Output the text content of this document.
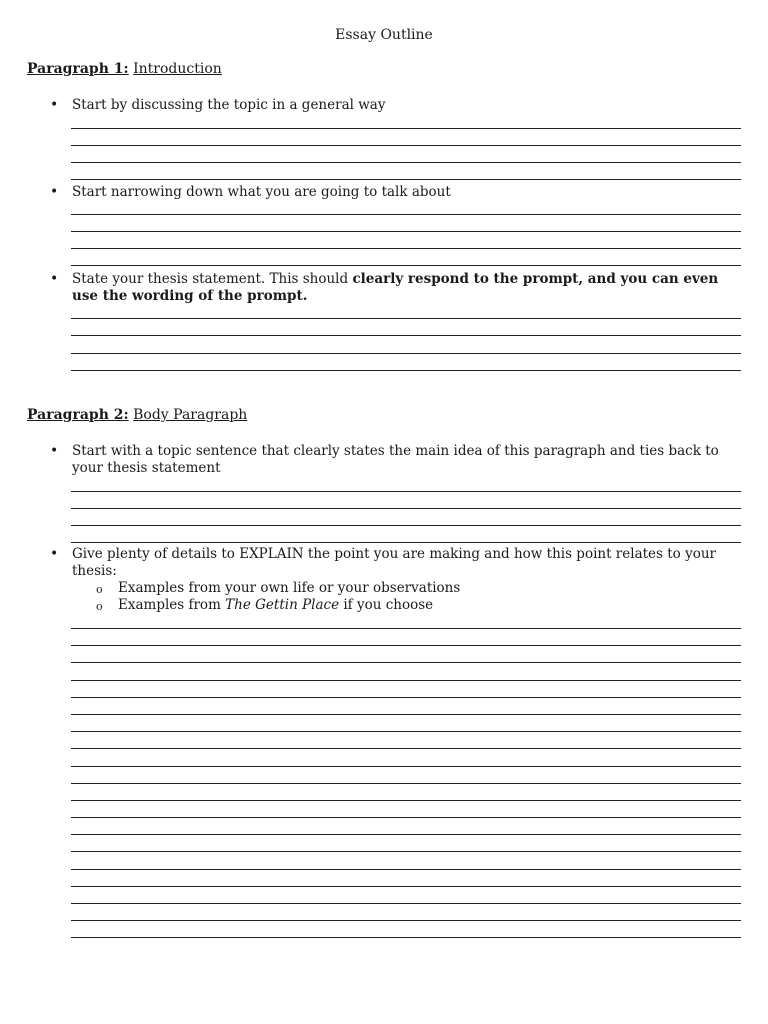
Essay Outline
Paragraph 1: Introduction
• Start by discussing the topic in a general way
• Start narrowing down what you are going to talk about
• State your thesis statement. This should clearly respond to the prompt, and you can even use the wording of the prompt.
Paragraph 2: Body Paragraph
• Start with a topic sentence that clearly states the main idea of this paragraph and ties back to your thesis statement
• Give plenty of details to EXPLAIN the point you are making and how this point relates to your thesis:
o Examples from your own life or your observations
o Examples from The Gettin Place if you choose
